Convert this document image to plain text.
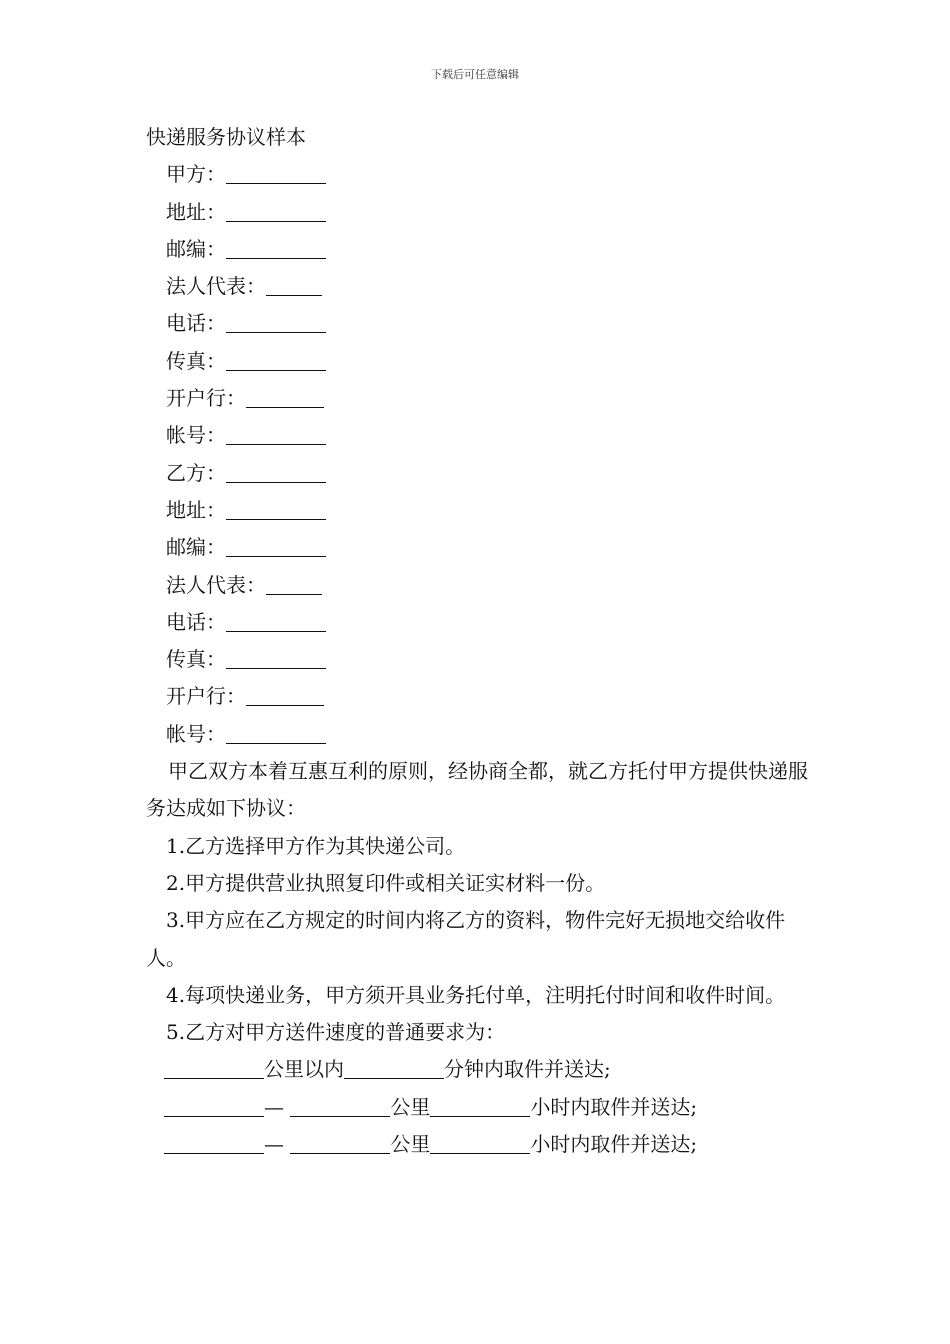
下载后可任意编辑

快递服务协议样本

甲方：

地址：

邮编：

法人代表：

电话：

传真：

开户行：

帐号：

乙方：

地址：

邮编：

法人代表：

电话：

传真：

开户行：

帐号：

甲乙双方本着互惠互利的原则，经协商全都，就乙方托付甲方提供快递服务达成如下协议：

1.乙方选择甲方作为其快递公司。

2.甲方提供营业执照复印件或相关证实材料一份。

3.甲方应在乙方规定的时间内将乙方的资料，物件完好无损地交给收件人。

4.每项快递业务，甲方须开具业务托付单，注明托付时间和收件时间。

5.乙方对甲方送件速度的普通要求为：

公里以内	分钟内取件并送达;

—	公里	小时内取件并送达;

—	公里	小时内取件并送达;
